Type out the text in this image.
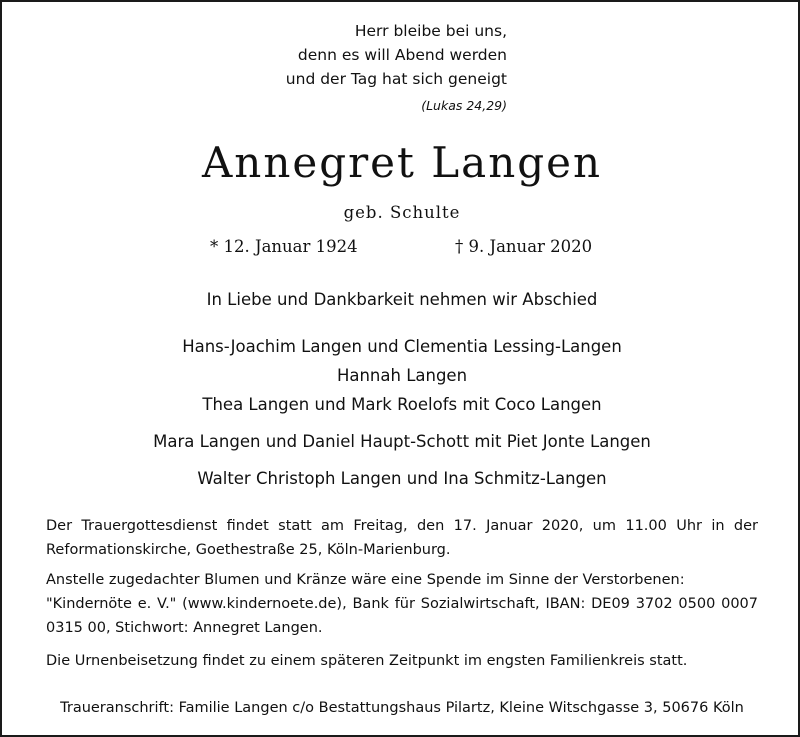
Herr bleibe bei uns,
denn es will Abend werden
und der Tag hat sich geneigt
(Lukas 24,29)
Annegret Langen
geb. Schulte
* 12. Januar 1924	† 9. Januar 2020
In Liebe und Dankbarkeit nehmen wir Abschied
Hans-Joachim Langen und Clementia Lessing-Langen
Hannah Langen
Thea Langen und Mark Roelofs mit Coco Langen
Mara Langen und Daniel Haupt-Schott mit Piet Jonte Langen
Walter Christoph Langen und Ina Schmitz-Langen

Der Trauergottesdienst findet statt am Freitag, den 17. Januar 2020, um 11.00 Uhr in der Reformationskirche, Goethestraße 25, Köln-Marienburg.

Anstelle zugedachter Blumen und Kränze wäre eine Spende im Sinne der Verstorbenen:
"Kindernöte e. V." (www.kindernoete.de), Bank für Sozialwirtschaft, IBAN: DE09 3702 0500 0007 0315 00, Stichwort: Annegret Langen.

Die Urnenbeisetzung findet zu einem späteren Zeitpunkt im engsten Familienkreis statt.

Traueranschrift: Familie Langen c/o Bestattungshaus Pilartz, Kleine Witschgasse 3, 50676 Köln
